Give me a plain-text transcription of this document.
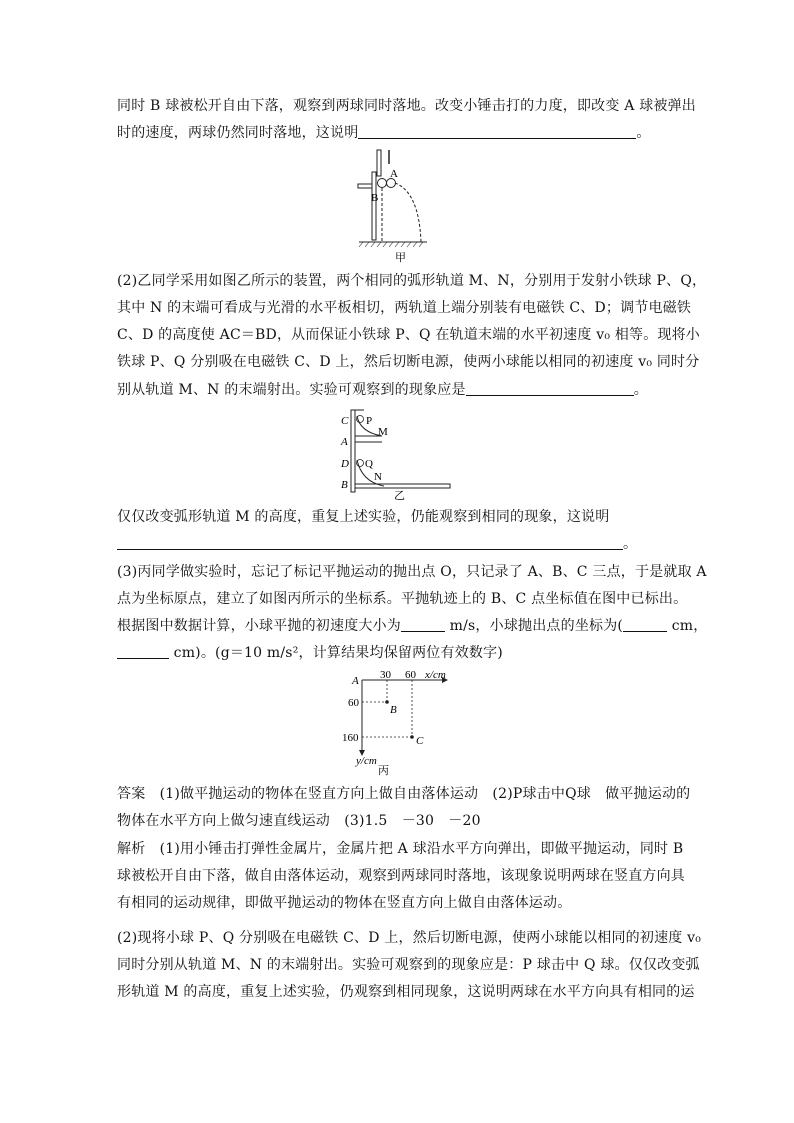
同时 B 球被松开自由下落，观察到两球同时落地。改变小锤击打的力度，即改变 A 球被弹出
时的速度，两球仍然同时落地，这说明	。
A
B
甲
(2)乙同学采用如图乙所示的装置，两个相同的弧形轨道 M、N，分别用于发射小铁球 P、Q，
其中 N 的末端可看成与光滑的水平板相切，两轨道上端分别装有电磁铁 C、D；调节电磁铁
C、D 的高度使 AC＝BD，从而保证小铁球 P、Q 在轨道末端的水平初速度 v₀ 相等。现将小
铁球 P、Q 分别吸在电磁铁 C、D 上，然后切断电源，使两小球能以相同的初速度 v₀ 同时分
别从轨道 M、N 的末端射出。实验可观察到的现象应是	。
C P
M
A
D Q
N
B
乙
仅仅改变弧形轨道 M 的高度，重复上述实验，仍能观察到相同的现象，这说明
。
(3)丙同学做实验时，忘记了标记平抛运动的抛出点 O，只记录了 A、B、C 三点，于是就取 A
点为坐标原点，建立了如图丙所示的坐标系。平抛轨迹上的 B、C 点坐标值在图中已标出。
根据图中数据计算，小球平抛的初速度大小为	m/s，小球抛出点的坐标为(	cm，
cm)。(g＝10 m/s²，计算结果均保留两位有效数字)
A 30 60 x/cm
60
B
160	C
y/cm
丙
答案　(1)做平抛运动的物体在竖直方向上做自由落体运动　(2)P球击中Q球　做平抛运动的
物体在水平方向上做匀速直线运动　(3)1.5　－30　－20
解析　(1)用小锤击打弹性金属片，金属片把 A 球沿水平方向弹出，即做平抛运动，同时 B
球被松开自由下落，做自由落体运动，观察到两球同时落地，该现象说明两球在竖直方向具
有相同的运动规律，即做平抛运动的物体在竖直方向上做自由落体运动。
(2)现将小球 P、Q 分别吸在电磁铁 C、D 上，然后切断电源，使两小球能以相同的初速度 v₀
同时分别从轨道 M、N 的末端射出。实验可观察到的现象应是：P 球击中 Q 球。仅仅改变弧
形轨道 M 的高度，重复上述实验，仍观察到相同现象，这说明两球在水平方向具有相同的运
